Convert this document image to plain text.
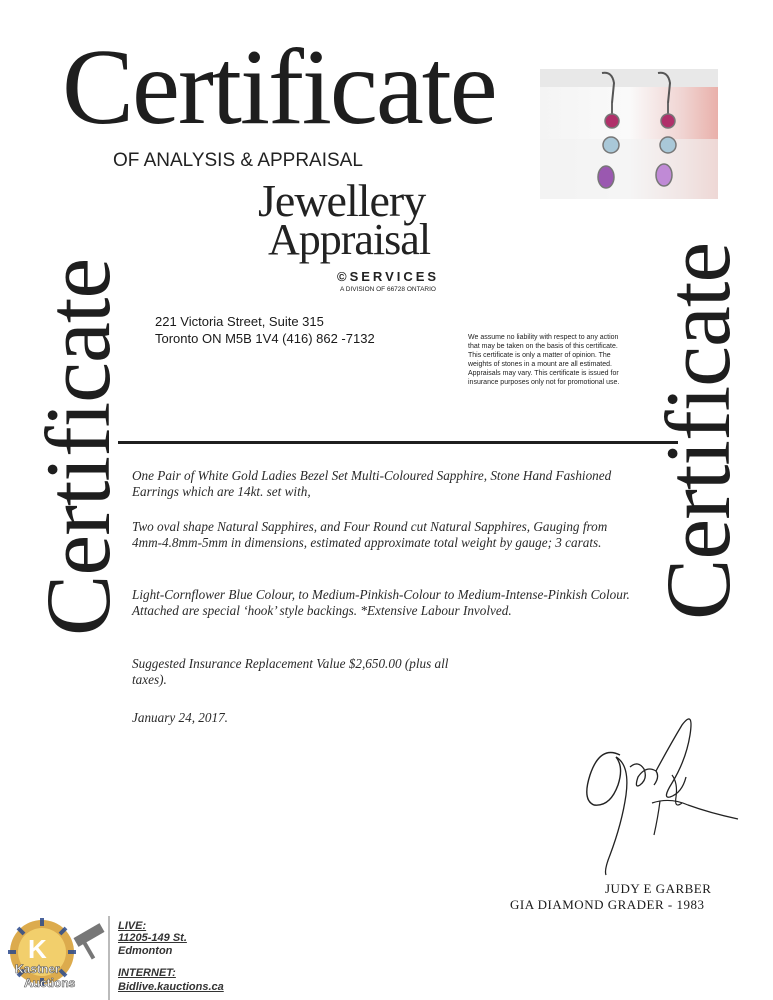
Certificate
OF ANALYSIS & APPRAISAL
Jewellery
Appraisal
©SERVICES
A DIVISION OF 66728 ONTARIO
221 Victoria Street, Suite 315
Toronto ON M5B 1V4 (416) 862 -7132	We assume no liability with respect to any action that may be taken on the basis of this certificate. This certificate is only a matter of opinion. The weights of stones in a mount are all estimated. Appraisals may vary. This certificate is issued for insurance purposes only not for promotional use.
Certificate	Certificate
One Pair of White Gold Ladies Bezel Set Multi-Coloured Sapphire, Stone Hand Fashioned Earrings which are 14kt. set with,
Two oval shape Natural Sapphires, and Four Round cut Natural Sapphires, Gauging from 4mm-4.8mm-5mm in dimensions, estimated approximate total weight by gauge; 3 carats.
Light-Cornflower Blue Colour, to Medium-Pinkish-Colour to Medium-Intense-Pinkish Colour. Attached are special ‘hook’ style backings. *Extensive Labour Involved.
Suggested Insurance Replacement Value $2,650.00 (plus all taxes).
January 24, 2017.
JUDY E GARBER
GIA DIAMOND GRADER - 1983
K
Kastner
Auctions
LIVE:
11205-149 St.
Edmonton
INTERNET:
Bidlive.kauctions.ca
